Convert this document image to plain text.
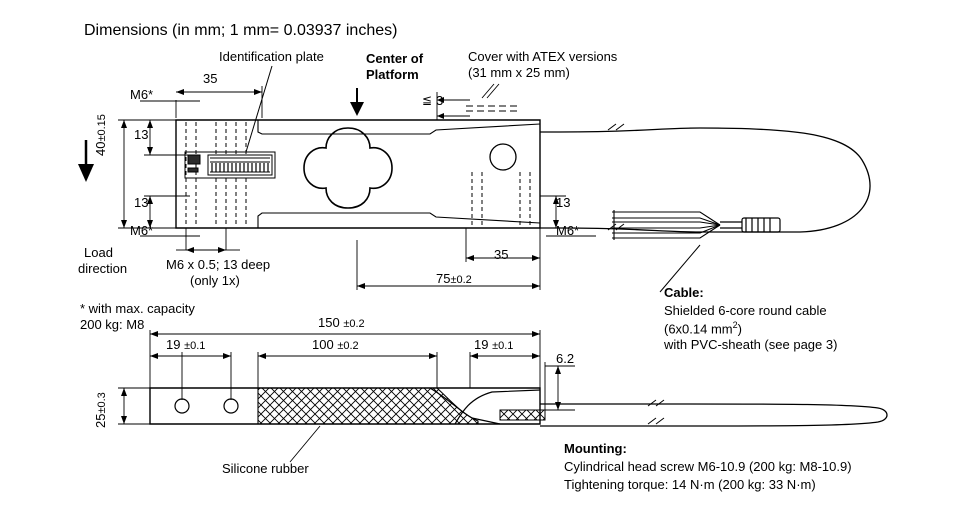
Dimensions (in mm; 1 mm= 0.03937 inches)
Identification plate	Center of
Platform
Cover with ATEX versions
(31 mm x 25 mm)
35
M6*
M6*	M6*
13
13	13
40±0.15
≦ 3
Load
direction	M6 x 0.5; 13 deep
(only 1x)
35
75±0.2
* with max. capacity
200 kg: M8	150 ±0.2
19 ±0.1	100 ±0.2	19 ±0.1
6.2
25±0.3
Silicone rubber
Cable:
Shielded 6-core round cable
(6x0.14 $mm^2$)
with PVC-sheath (see page 3)
Mounting:
Cylindrical head screw M6-10.9 (200 kg: M8-10.9)
Tightening torque: 14 N·m (200 kg: 33 N·m)
